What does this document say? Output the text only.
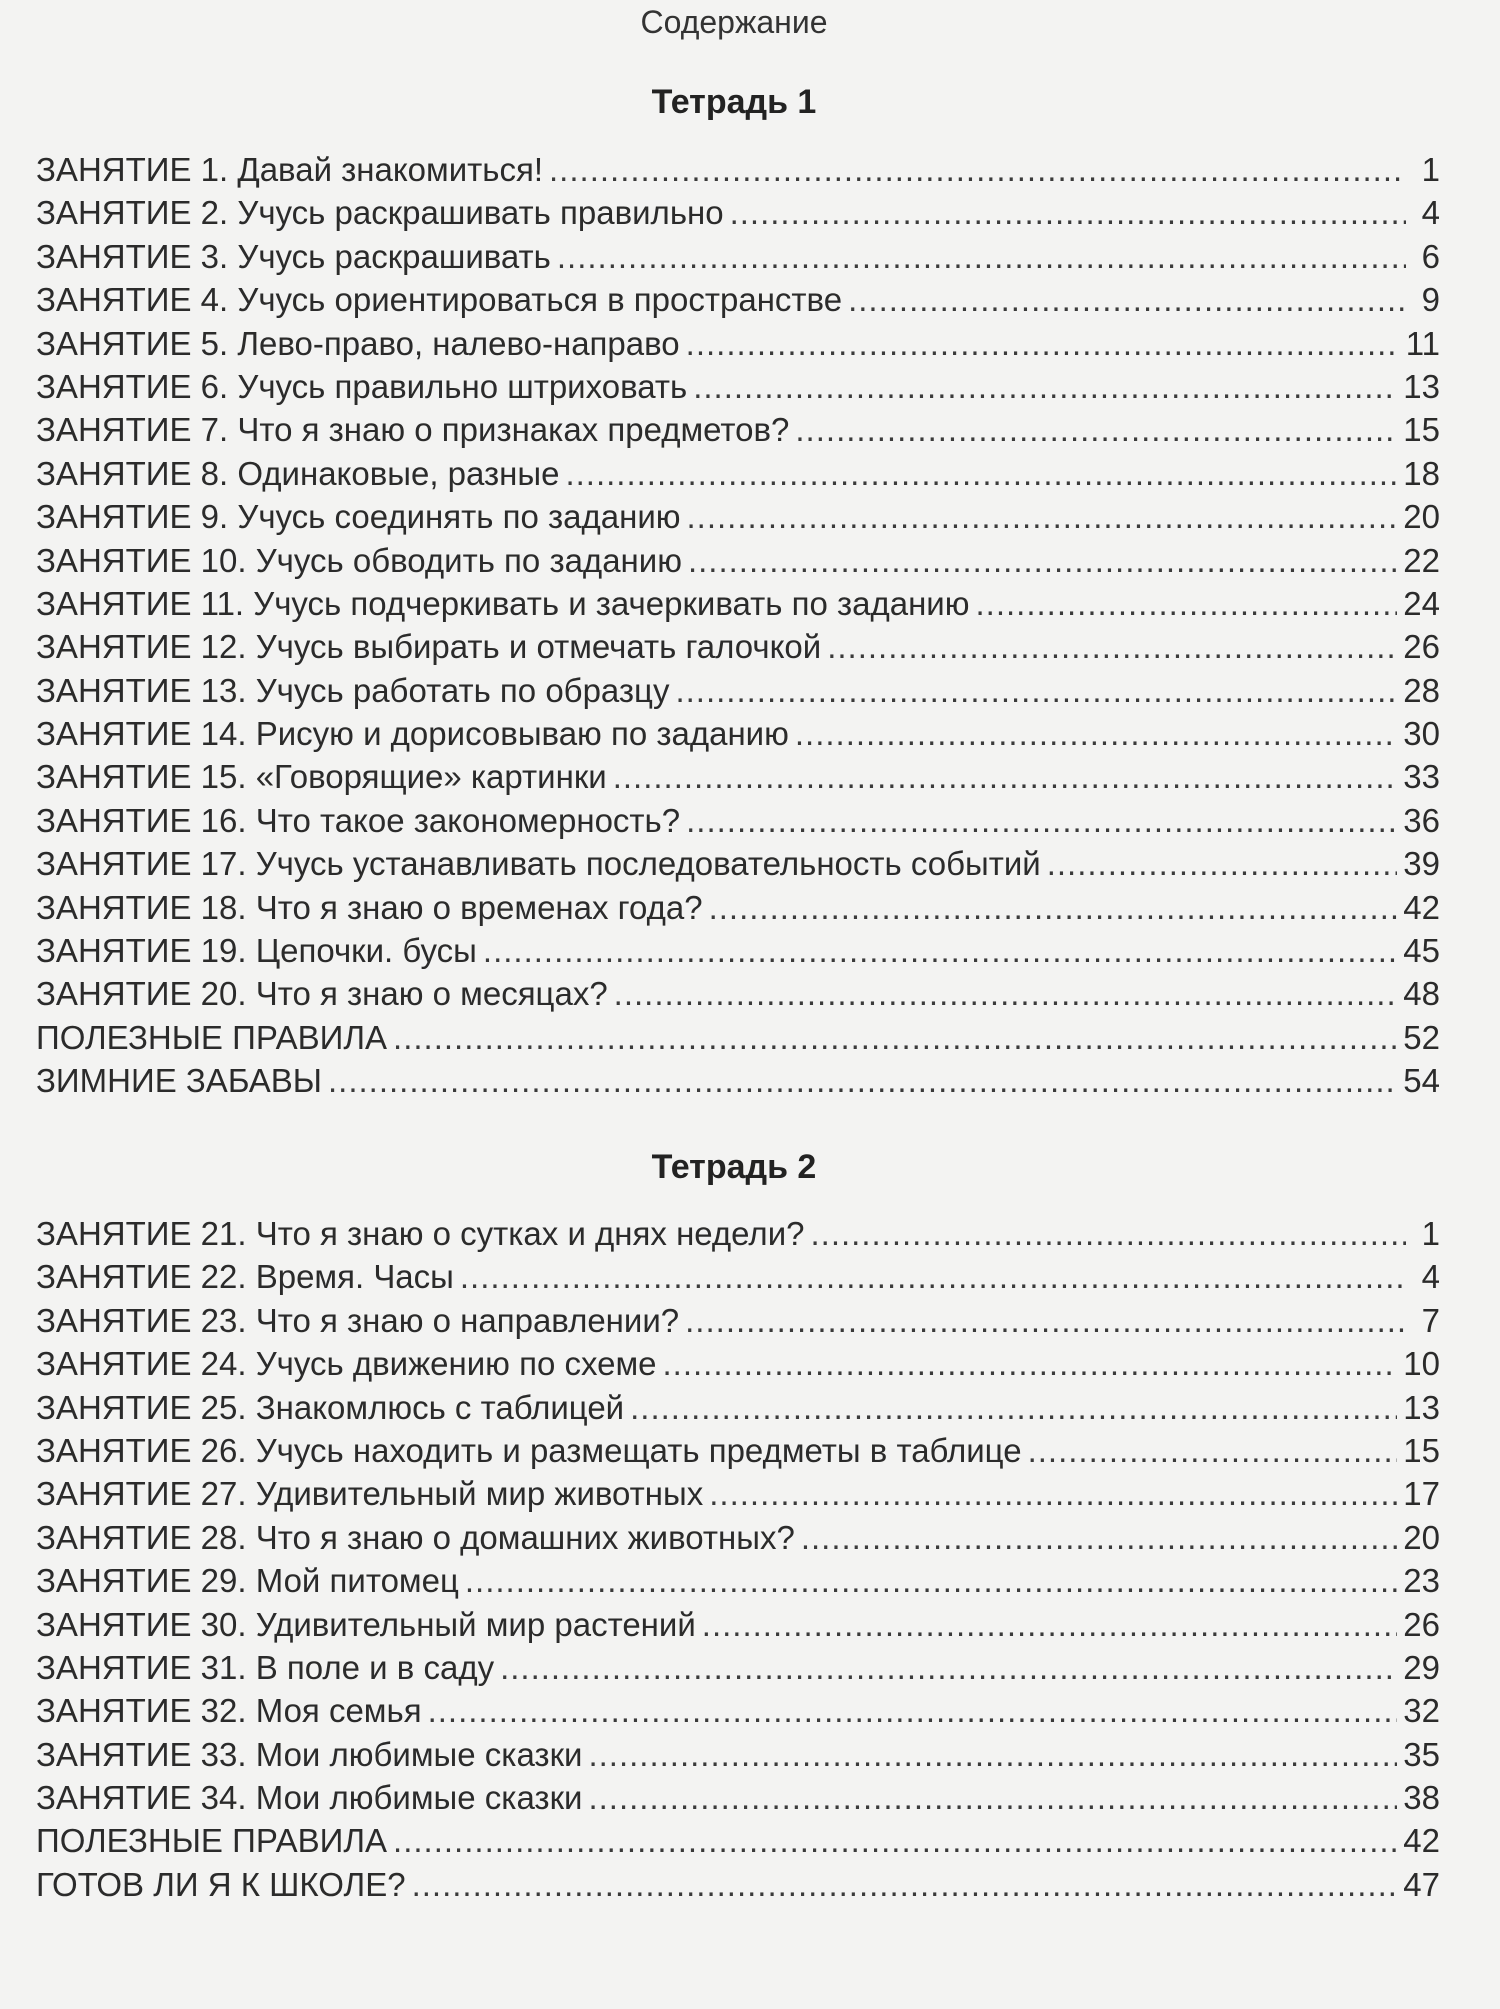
Содержание
Тетрадь 1
ЗАНЯТИЕ 1. Давай знакомиться! .....	1
ЗАНЯТИЕ 2. Учусь раскрашивать правильно .....	4
ЗАНЯТИЕ 3. Учусь раскрашивать .....	6
ЗАНЯТИЕ 4. Учусь ориентироваться в пространстве .....	9
ЗАНЯТИЕ 5. Лево-право, налево-направо .....	11
ЗАНЯТИЕ 6. Учусь правильно штриховать .....	13
ЗАНЯТИЕ 7. Что я знаю о признаках предметов? .....	15
ЗАНЯТИЕ 8. Одинаковые, разные .....	18
ЗАНЯТИЕ 9. Учусь соединять по заданию .....	20
ЗАНЯТИЕ 10. Учусь обводить по заданию .....	22
ЗАНЯТИЕ 11. Учусь подчеркивать и зачеркивать по заданию .....	24
ЗАНЯТИЕ 12. Учусь выбирать и отмечать галочкой .....	26
ЗАНЯТИЕ 13. Учусь работать по образцу .....	28
ЗАНЯТИЕ 14. Рисую и дорисовываю по заданию .....	30
ЗАНЯТИЕ 15. «Говорящие» картинки .....	33
ЗАНЯТИЕ 16. Что такое закономерность? .....	36
ЗАНЯТИЕ 17. Учусь устанавливать последовательность событий .....	39
ЗАНЯТИЕ 18. Что я знаю о временах года? .....	42
ЗАНЯТИЕ 19. Цепочки. бусы .....	45
ЗАНЯТИЕ 20. Что я знаю о месяцах? .....	48
ПОЛЕЗНЫЕ ПРАВИЛА .....	52
ЗИМНИЕ ЗАБАВЫ .....	54
Тетрадь 2
ЗАНЯТИЕ 21. Что я знаю о сутках и днях недели? .....	1
ЗАНЯТИЕ 22. Время. Часы .....	4
ЗАНЯТИЕ 23. Что я знаю о направлении? .....	7
ЗАНЯТИЕ 24. Учусь движению по схеме .....	10
ЗАНЯТИЕ 25. Знакомлюсь с таблицей .....	13
ЗАНЯТИЕ 26. Учусь находить и размещать предметы в таблице .....	15
ЗАНЯТИЕ 27. Удивительный мир животных .....	17
ЗАНЯТИЕ 28. Что я знаю о домашних животных? .....	20
ЗАНЯТИЕ 29. Мой питомец .....	23
ЗАНЯТИЕ 30. Удивительный мир растений .....	26
ЗАНЯТИЕ 31. В поле и в саду .....	29
ЗАНЯТИЕ 32. Моя семья .....	32
ЗАНЯТИЕ 33. Мои любимые сказки .....	35
ЗАНЯТИЕ 34. Мои любимые сказки .....	38
ПОЛЕЗНЫЕ ПРАВИЛА .....	42
ГОТОВ ЛИ Я К ШКОЛЕ? .....	47
